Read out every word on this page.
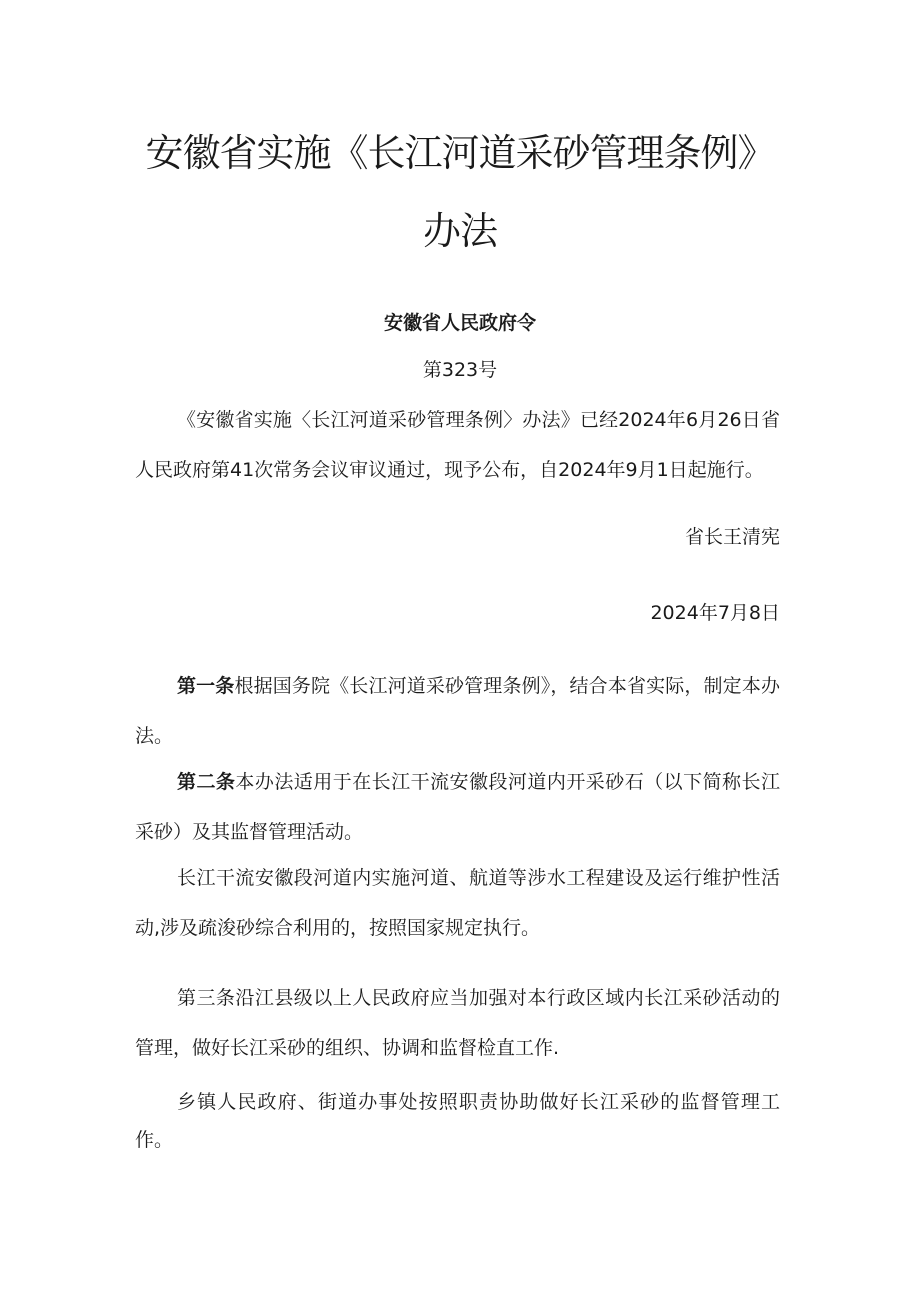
安徽省实施《长江河道采砂管理条例》
办法
安徽省人民政府令
第323号
《安徽省实施〈长江河道采砂管理条例〉办法》已经2024年6月26日省人民政府第41次常务会议审议通过，现予公布，自2024年9月1日起施行。
省长王清宪
2024年7月8日
第一条根据国务院《长江河道采砂管理条例》，结合本省实际，制定本办法。
第二条本办法适用于在长江干流安徽段河道内开采砂石（以下简称长江采砂）及其监督管理活动。
长江干流安徽段河道内实施河道、航道等涉水工程建设及运行维护性活动,涉及疏浚砂综合利用的，按照国家规定执行。
第三条沿江县级以上人民政府应当加强对本行政区域内长江采砂活动的管理，做好长江采砂的组织、协调和监督检直工作.
乡镇人民政府、街道办事处按照职责协助做好长江采砂的监督管理工作。
